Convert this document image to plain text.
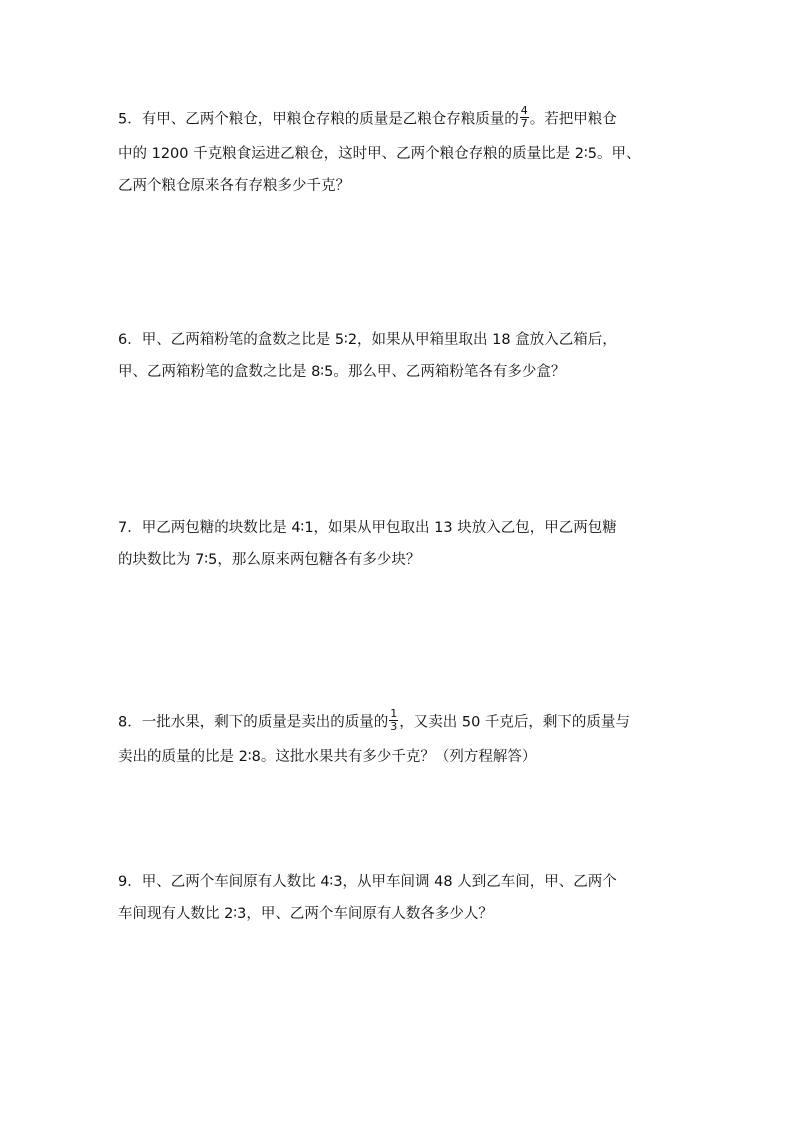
5．有甲、乙两个粮仓，甲粮仓存粮的质量是乙粮仓存粮质量的 $\frac{4}{7}$ 。若把甲粮仓
中的 1200 千克粮食运进乙粮仓，这时甲、乙两个粮仓存粮的质量比是 2∶5。甲、
乙两个粮仓原来各有存粮多少千克？
6．甲、乙两箱粉笔的盒数之比是 5∶2，如果从甲箱里取出 18 盒放入乙箱后，
甲、乙两箱粉笔的盒数之比是 8∶5。那么甲、乙两箱粉笔各有多少盒？
7．甲乙两包糖的块数比是 4∶1，如果从甲包取出 13 块放入乙包，甲乙两包糖
的块数比为 7∶5，那么原来两包糖各有多少块？
8．一批水果，剩下的质量是卖出的质量的 $\frac{1}{3}$ ，又卖出 50 千克后，剩下的质量与
卖出的质量的比是 2∶8。这批水果共有多少千克？（列方程解答）
9．甲、乙两个车间原有人数比 4∶3，从甲车间调 48 人到乙车间，甲、乙两个
车间现有人数比 2∶3，甲、乙两个车间原有人数各多少人？
